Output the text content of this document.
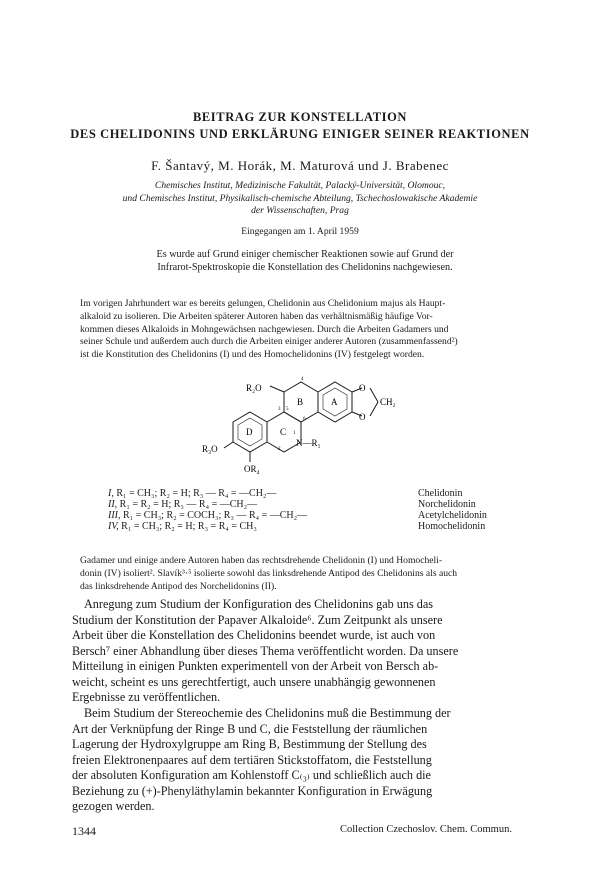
BEITRAG ZUR KONSTELLATION
DES CHELIDONINS UND ERKLÄRUNG EINIGER SEINER REAKTIONEN
F. Šantavý, M. Horák, M. Maturová und J. Brabenec
Chemisches Institut, Medizinische Fakultät, Palacký-Universität, Olomouc,
und Chemisches Institut, Physikalisch-chemische Abteilung, Tschechoslowakische Akademie
der Wissenschaften, Prag
Eingegangen am 1. April 1959
Es wurde auf Grund einiger chemischer Reaktionen sowie auf Grund der
Infrarot-Spektroskopie die Konstellation des Chelidonins nachgewiesen.
Im vorigen Jahrhundert war es bereits gelungen, Chelidonin aus Chelidonium majus als Haupt-
alkaloid zu isolieren. Die Arbeiten späterer Autoren haben das verhältnismäßig häufige Vor-
kommen dieses Alkaloids in Mohngewächsen nachgewiesen. Durch die Arbeiten Gadamers und
seiner Schule und außerdem auch durch die Arbeiten einiger anderer Autoren (zusammenfassend²)
ist die Konstitution des Chelidonins (I) und des Homochelidonins (IV) festgelegt worden.
R₂O	O
O
CH₂
B	A
D	C
N—R₁
R₃O
OR₄
4
5
6
3
1
2
I, R₁ = CH₃; R₂ = H; R₃ — R₄ = —CH₂—	Chelidonin
II, R₁ = R₂ = H; R₃ — R₄ = —CH₂—	Norchelidonin
III, R₁ = CH₃; R₂ = COCH₃; R₃ — R₄ = —CH₂—	Acetylchelidonin
IV, R₁ = CH₃; R₂ = H; R₃ = R₄ = CH₃	Homochelidonin
Gadamer und einige andere Autoren haben das rechtsdrehende Chelidonin (I) und Homocheli-
donin (IV) isoliert². Slavík³·⁵ isolierte sowohl das linksdrehende Antipod des Chelidonins als auch
das linksdrehende Antipod des Norchelidonins (II).
Anregung zum Studium der Konfiguration des Chelidonins gab uns das
Studium der Konstitution der Papaver Alkaloide⁶. Zum Zeitpunkt als unsere
Arbeit über die Konstellation des Chelidonins beendet wurde, ist auch von
Bersch⁷ einer Abhandlung über dieses Thema veröffentlicht worden. Da unsere
Mitteilung in einigen Punkten experimentell von der Arbeit von Bersch ab-
weicht, scheint es uns gerechtfertigt, auch unsere unabhängig gewonnenen
Ergebnisse zu veröffentlichen.
Beim Studium der Stereochemie des Chelidonins muß die Bestimmung der
Art der Verknüpfung der Ringe B und C, die Feststellung der räumlichen
Lagerung der Hydroxylgruppe am Ring B, Bestimmung der Stellung des
freien Elektronenpaares auf dem tertiären Stickstoffatom, die Feststellung
der absoluten Konfiguration am Kohlenstoff C₍₃₎ und schließlich auch die
Beziehung zu (+)-Phenyläthylamin bekannter Konfiguration in Erwägung
gezogen werden.
1344	Collection Czechoslov. Chem. Commun.
